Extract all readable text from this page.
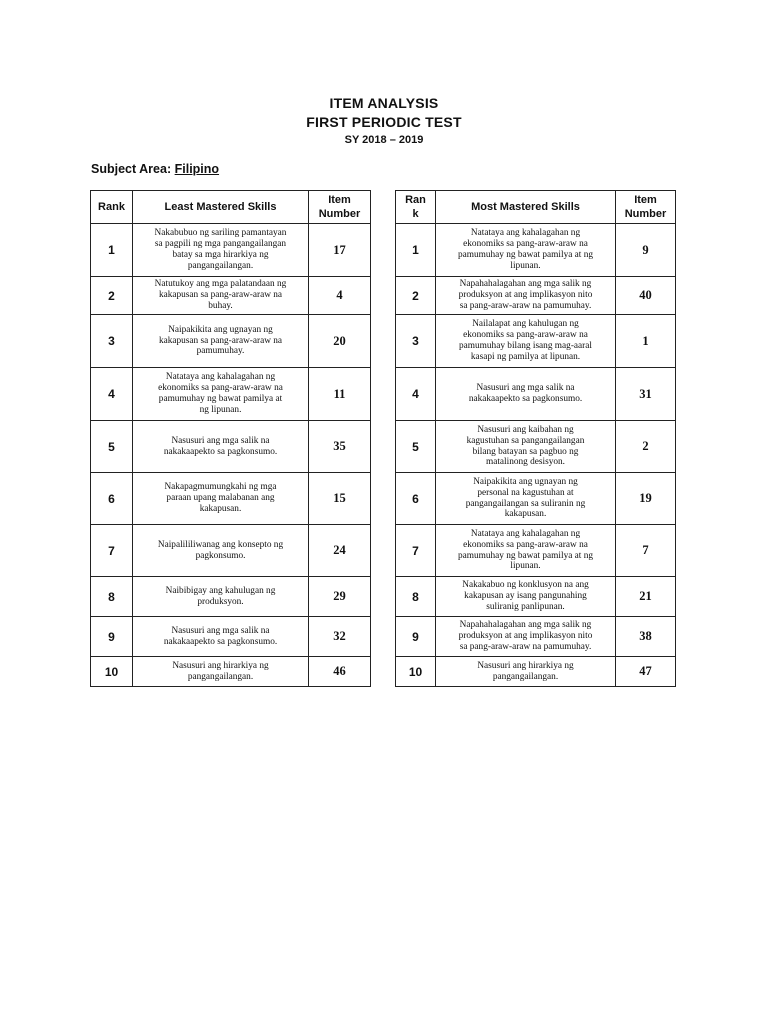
ITEM ANALYSIS
FIRST PERIODIC TEST
SY 2018 – 2019
Subject Area: Filipino
Rank	Least Mastered Skills	Item
Number
1	Nakabubuo ng sariling pamantayan
sa pagpili ng mga pangangailangan
batay sa mga hirarkiya ng
pangangailangan.	17
2	Natutukoy ang mga palatandaan ng
kakapusan sa pang-araw-araw na
buhay.	4
3	Naipakikita ang ugnayan ng
kakapusan sa pang-araw-araw na
pamumuhay.	20
4	Natataya ang kahalagahan ng
ekonomiks sa pang-araw-araw na
pamumuhay ng bawat pamilya at
ng lipunan.	11
5	Nasusuri ang mga salik na
nakakaapekto sa pagkonsumo.	35
6	Nakapagmumungkahi ng mga
paraan upang malabanan ang
kakapusan.	15
7	Naipalililiwanag ang konsepto ng
pagkonsumo.	24
8	Naibibigay ang kahulugan ng
produksyon.	29
9	Nasusuri ang mga salik na
nakakaapekto sa pagkonsumo.	32
10	Nasusuri ang hirarkiya ng
pangangailangan.	46
Ran
k	Most Mastered Skills	Item
Number
1	Natataya ang kahalagahan ng
ekonomiks sa pang-araw-araw na
pamumuhay ng bawat pamilya at ng
lipunan.	9
2	Napahahalagahan ang mga salik ng
produksyon at ang implikasyon nito
sa pang-araw-araw na pamumuhay.	40
3	Nailalapat ang kahulugan ng
ekonomiks sa pang-araw-araw na
pamumuhay bilang isang mag-aaral
kasapi ng pamilya at lipunan.	1
4	Nasusuri ang mga salik na
nakakaapekto sa pagkonsumo.	31
5	Nasusuri ang kaibahan ng
kagustuhan sa pangangailangan
bilang batayan sa pagbuo ng
matalinong desisyon.	2
6	Naipakikita ang ugnayan ng
personal na kagustuhan at
pangangailangan sa suliranin ng
kakapusan.	19
7	Natataya ang kahalagahan ng
ekonomiks sa pang-araw-araw na
pamumuhay ng bawat pamilya at ng
lipunan.	7
8	Nakakabuo ng konklusyon na ang
kakapusan ay isang pangunahing
suliranig panlipunan.	21
9	Napahahalagahan ang mga salik ng
produksyon at ang implikasyon nito
sa pang-araw-araw na pamumuhay.	38
10	Nasusuri ang hirarkiya ng
pangangailangan.	47
